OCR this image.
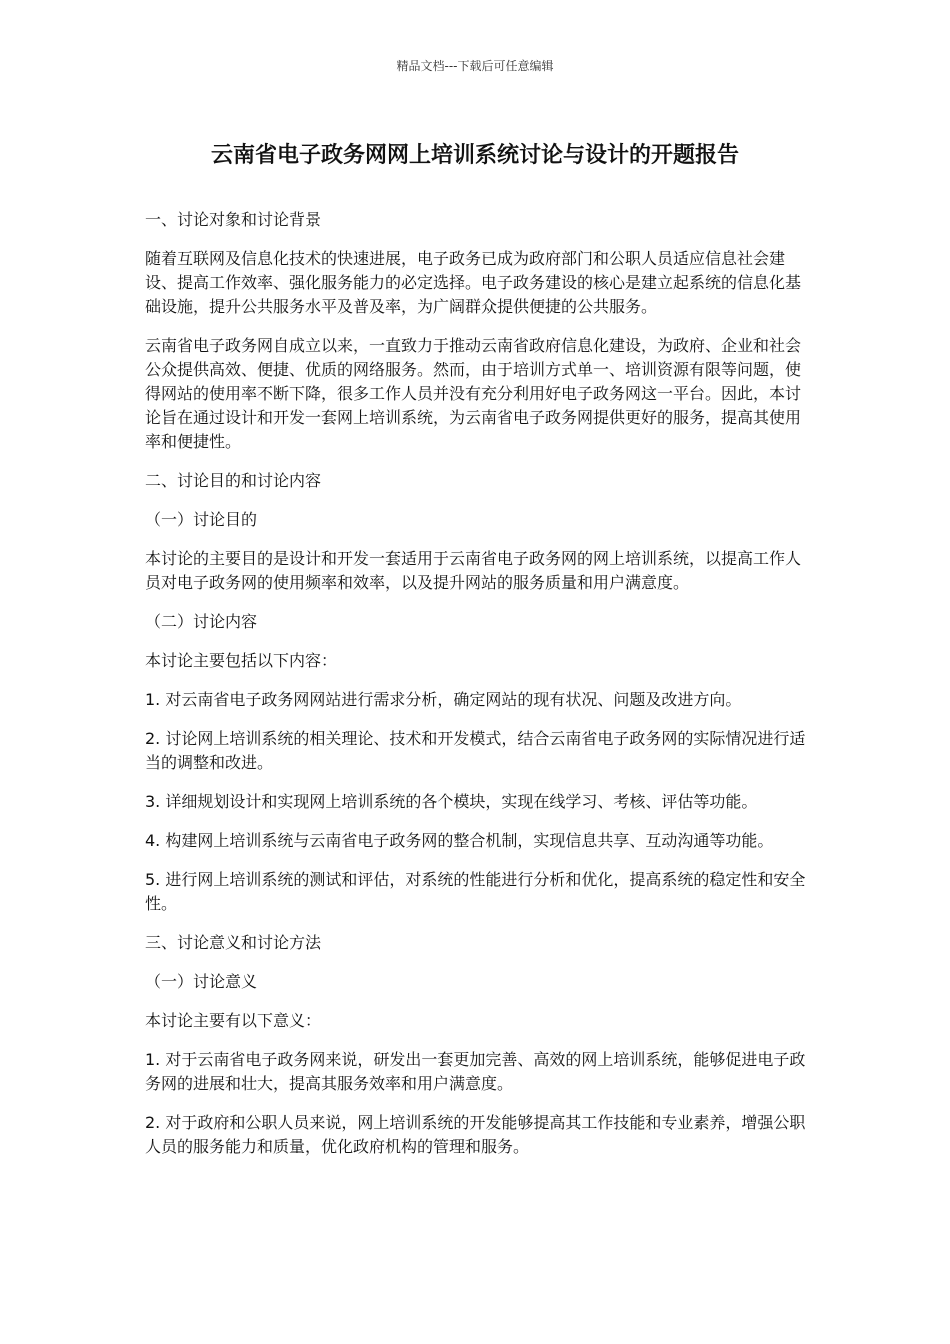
精品文档---下载后可任意编辑
云南省电子政务网网上培训系统讨论与设计的开题报告

一、讨论对象和讨论背景

随着互联网及信息化技术的快速进展，电子政务已成为政府部门和公职人员适应信息社会建设、提高工作效率、强化服务能力的必定选择。电子政务建设的核心是建立起系统的信息化基础设施，提升公共服务水平及普及率，为广阔群众提供便捷的公共服务。

云南省电子政务网自成立以来，一直致力于推动云南省政府信息化建设，为政府、企业和社会公众提供高效、便捷、优质的网络服务。然而，由于培训方式单一、培训资源有限等问题，使得网站的使用率不断下降，很多工作人员并没有充分利用好电子政务网这一平台。因此，本讨论旨在通过设计和开发一套网上培训系统，为云南省电子政务网提供更好的服务，提高其使用率和便捷性。

二、讨论目的和讨论内容

（一）讨论目的

本讨论的主要目的是设计和开发一套适用于云南省电子政务网的网上培训系统，以提高工作人员对电子政务网的使用频率和效率，以及提升网站的服务质量和用户满意度。

（二）讨论内容

本讨论主要包括以下内容：

1. 对云南省电子政务网网站进行需求分析，确定网站的现有状况、问题及改进方向。

2. 讨论网上培训系统的相关理论、技术和开发模式，结合云南省电子政务网的实际情况进行适当的调整和改进。

3. 详细规划设计和实现网上培训系统的各个模块，实现在线学习、考核、评估等功能。

4. 构建网上培训系统与云南省电子政务网的整合机制，实现信息共享、互动沟通等功能。

5. 进行网上培训系统的测试和评估，对系统的性能进行分析和优化，提高系统的稳定性和安全性。

三、讨论意义和讨论方法

（一）讨论意义

本讨论主要有以下意义：

1. 对于云南省电子政务网来说，研发出一套更加完善、高效的网上培训系统，能够促进电子政务网的进展和壮大，提高其服务效率和用户满意度。

2. 对于政府和公职人员来说，网上培训系统的开发能够提高其工作技能和专业素养，增强公职人员的服务能力和质量，优化政府机构的管理和服务。
